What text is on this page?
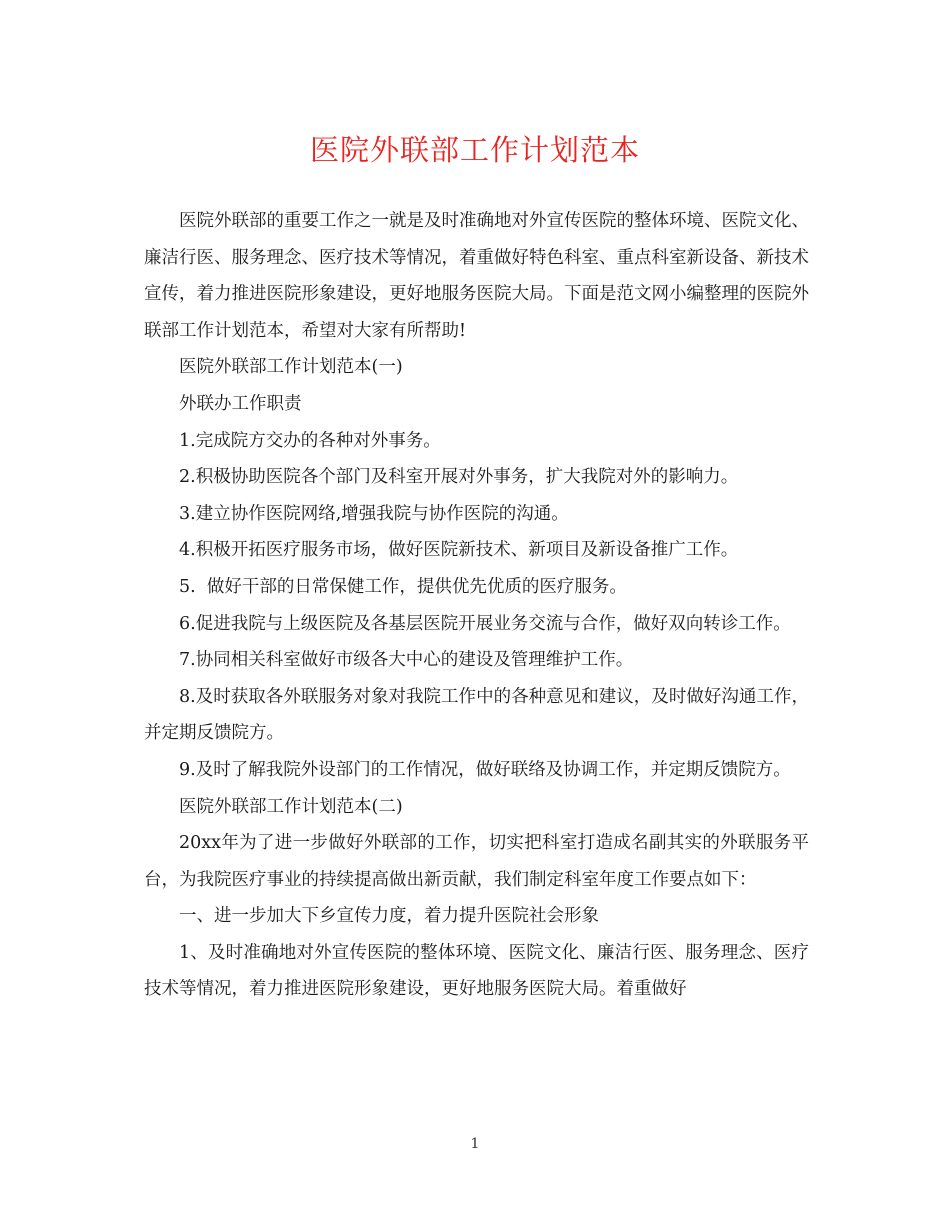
医院外联部工作计划范本

医院外联部的重要工作之一就是及时准确地对外宣传医院的整体环境、医院文化、廉洁行医、服务理念、医疗技术等情况，着重做好特色科室、重点科室新设备、新技术宣传，着力推进医院形象建设，更好地服务医院大局。下面是范文网小编整理的医院外联部工作计划范本，希望对大家有所帮助!

医院外联部工作计划范本(一)

外联办工作职责

1.完成院方交办的各种对外事务。

2.积极协助医院各个部门及科室开展对外事务，扩大我院对外的影响力。

3.建立协作医院网络,增强我院与协作医院的沟通。

4.积极开拓医疗服务市场，做好医院新技术、新项目及新设备推广工作。

5.  做好干部的日常保健工作，提供优先优质的医疗服务。

6.促进我院与上级医院及各基层医院开展业务交流与合作，做好双向转诊工作。

7.协同相关科室做好市级各大中心的建设及管理维护工作。

8.及时获取各外联服务对象对我院工作中的各种意见和建议，及时做好沟通工作，并定期反馈院方。

9.及时了解我院外设部门的工作情况，做好联络及协调工作，并定期反馈院方。

医院外联部工作计划范本(二)

20xx年为了进一步做好外联部的工作，切实把科室打造成名副其实的外联服务平台，为我院医疗事业的持续提高做出新贡献，我们制定科室年度工作要点如下：

一、进一步加大下乡宣传力度，着力提升医院社会形象

1、及时准确地对外宣传医院的整体环境、医院文化、廉洁行医、服务理念、医疗技术等情况，着力推进医院形象建设，更好地服务医院大局。着重做好

1
